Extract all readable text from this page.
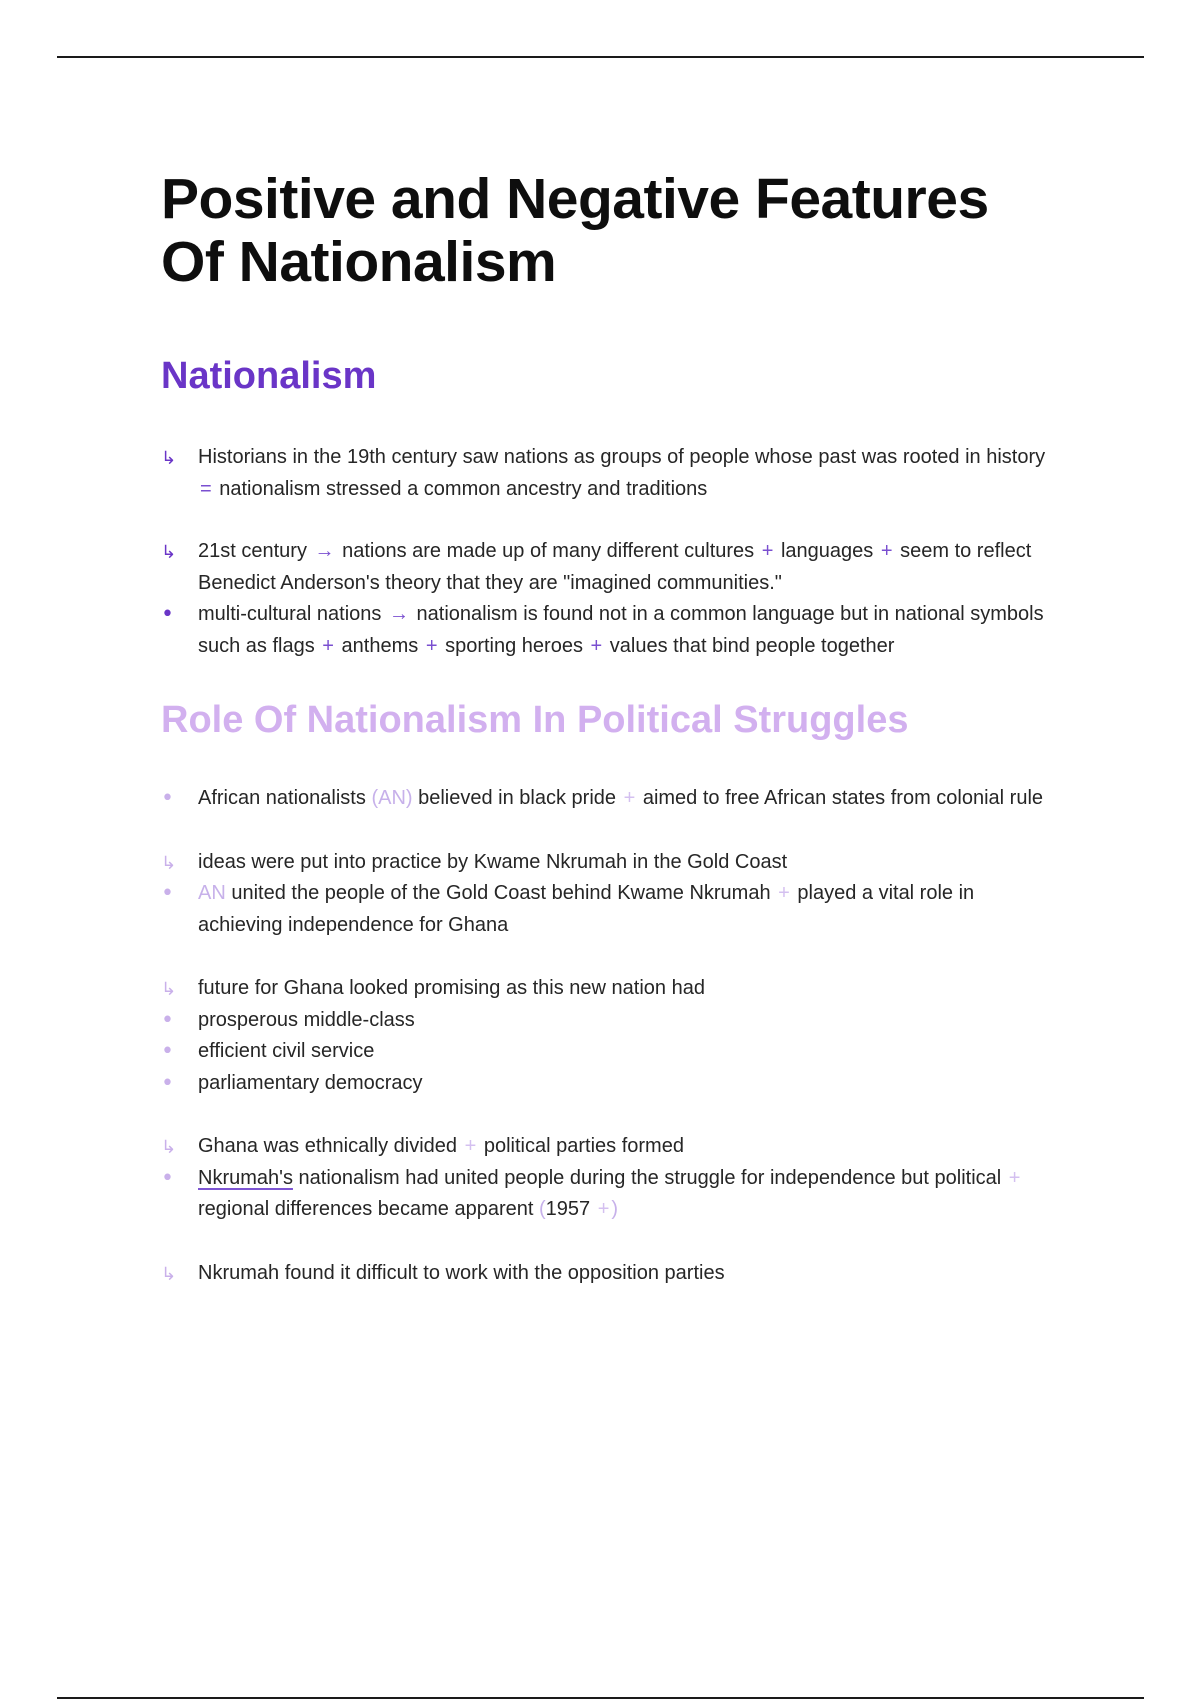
Positive and Negative Features Of Nationalism
Nationalism
↳	Historians in the 19th century saw nations as groups of people whose past was rooted in history = nationalism stressed a common ancestry and traditions
↳	21st century → nations are made up of many different cultures + languages + seem to reflect Benedict Anderson's theory that they are "imagined communities."
•	multi-cultural nations → nationalism is found not in a common language but in national symbols such as flags + anthems + sporting heroes + values that bind people together
Role Of Nationalism In Political Struggles
•	African nationalists (AN) believed in black pride + aimed to free African states from colonial rule
↳	ideas were put into practice by Kwame Nkrumah in the Gold Coast
•	AN united the people of the Gold Coast behind Kwame Nkrumah + played a vital role in achieving independence for Ghana
↳	future for Ghana looked promising as this new nation had
•	prosperous middle-class
•	efficient civil service
•	parliamentary democracy
↳	Ghana was ethnically divided + political parties formed
•	Nkrumah's nationalism had united people during the struggle for independence but political + regional differences became apparent (1957 + )
↳	Nkrumah found it difficult to work with the opposition parties
